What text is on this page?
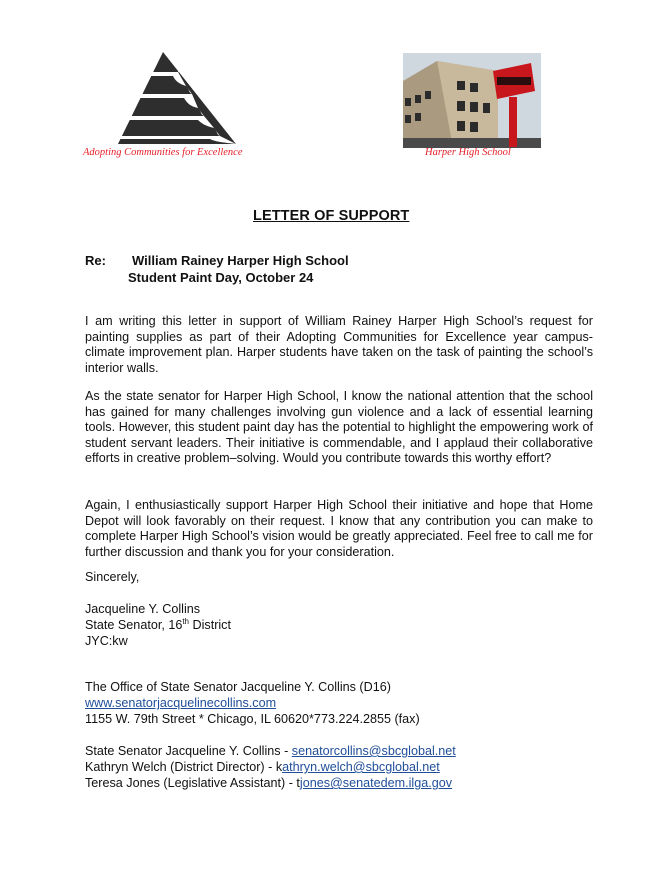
Adopting Communities for Excellence	Harper High School
LETTER OF SUPPORT
Re: William Rainey Harper High School
Student Paint Day, October 24
I am writing this letter in support of William Rainey Harper High School’s request for painting supplies as part of their Adopting Communities for Excellence year campus-climate improvement plan. Harper students have taken on the task of painting the school’s interior walls.
As the state senator for Harper High School, I know the national attention that the school has gained for many challenges involving gun violence and a lack of essential learning tools. However, this student paint day has the potential to highlight the empowering work of student servant leaders. Their initiative is commendable, and I applaud their collaborative efforts in creative problem–solving. Would you contribute towards this worthy effort?
Again, I enthusiastically support Harper High School their initiative and hope that Home Depot will look favorably on their request. I know that any contribution you can make to complete Harper High School’s vision would be greatly appreciated. Feel free to call me for further discussion and thank you for your consideration.
Sincerely,
Jacqueline Y. Collins
State Senator, 16th District
JYC:kw
The Office of State Senator Jacqueline Y. Collins (D16)
www.senatorjacquelinecollins.com
1155 W. 79th Street * Chicago, IL 60620*773.224.2855 (fax)
State Senator Jacqueline Y. Collins - senatorcollins@sbcglobal.net
Kathryn Welch (District Director) - kathryn.welch@sbcglobal.net
Teresa Jones (Legislative Assistant) - tjones@senatedem.ilga.gov
